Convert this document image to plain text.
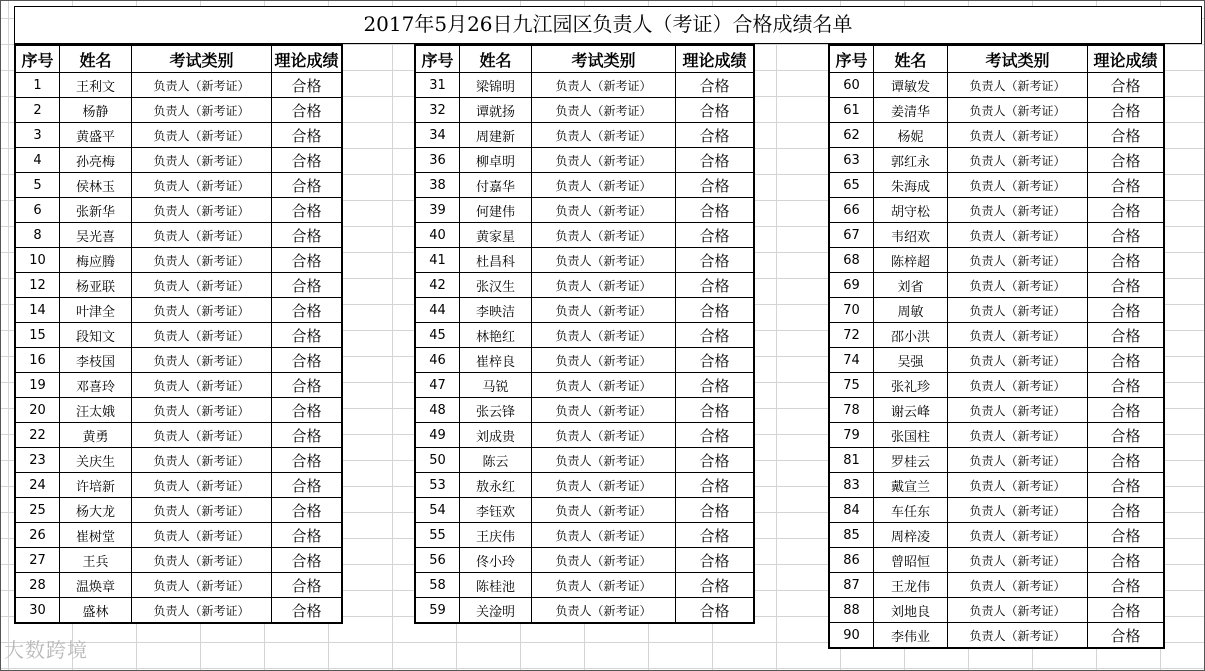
2017年5月26日九江园区负责人（考证）合格成绩名单
序号	姓名	考试类别	理论成绩
1	王利文	负责人（新考证）	合格
2	杨静	负责人（新考证）	合格
3	黄盛平	负责人（新考证）	合格
4	孙亮梅	负责人（新考证）	合格
5	侯林玉	负责人（新考证）	合格
6	张新华	负责人（新考证）	合格
8	吴光喜	负责人（新考证）	合格
10	梅应腾	负责人（新考证）	合格
12	杨亚联	负责人（新考证）	合格
14	叶津全	负责人（新考证）	合格
15	段知文	负责人（新考证）	合格
16	李枝国	负责人（新考证）	合格
19	邓喜玲	负责人（新考证）	合格
20	汪太娥	负责人（新考证）	合格
22	黄勇	负责人（新考证）	合格
23	关庆生	负责人（新考证）	合格
24	许培新	负责人（新考证）	合格
25	杨大龙	负责人（新考证）	合格
26	崔树堂	负责人（新考证）	合格
27	王兵	负责人（新考证）	合格
28	温焕章	负责人（新考证）	合格
30	盛林	负责人（新考证）	合格
序号	姓名	考试类别	理论成绩
31	梁锦明	负责人（新考证）	合格
32	谭就扬	负责人（新考证）	合格
34	周建新	负责人（新考证）	合格
36	柳卓明	负责人（新考证）	合格
38	付嘉华	负责人（新考证）	合格
39	何建伟	负责人（新考证）	合格
40	黄家星	负责人（新考证）	合格
41	杜昌科	负责人（新考证）	合格
42	张汉生	负责人（新考证）	合格
44	李映洁	负责人（新考证）	合格
45	林艳红	负责人（新考证）	合格
46	崔梓良	负责人（新考证）	合格
47	马锐	负责人（新考证）	合格
48	张云锋	负责人（新考证）	合格
49	刘成贵	负责人（新考证）	合格
50	陈云	负责人（新考证）	合格
53	敖永红	负责人（新考证）	合格
54	李钰欢	负责人（新考证）	合格
55	王庆伟	负责人（新考证）	合格
56	佟小玲	负责人（新考证）	合格
58	陈桂池	负责人（新考证）	合格
59	关淦明	负责人（新考证）	合格
序号	姓名	考试类别	理论成绩
60	谭敏发	负责人（新考证）	合格
61	姜清华	负责人（新考证）	合格
62	杨妮	负责人（新考证）	合格
63	郭红永	负责人（新考证）	合格
65	朱海成	负责人（新考证）	合格
66	胡守松	负责人（新考证）	合格
67	韦绍欢	负责人（新考证）	合格
68	陈梓超	负责人（新考证）	合格
69	刘省	负责人（新考证）	合格
70	周敏	负责人（新考证）	合格
72	邵小洪	负责人（新考证）	合格
74	吴强	负责人（新考证）	合格
75	张礼珍	负责人（新考证）	合格
78	谢云峰	负责人（新考证）	合格
79	张国柱	负责人（新考证）	合格
81	罗桂云	负责人（新考证）	合格
83	戴宣兰	负责人（新考证）	合格
84	车任东	负责人（新考证）	合格
85	周梓凌	负责人（新考证）	合格
86	曾昭恒	负责人（新考证）	合格
87	王龙伟	负责人（新考证）	合格
88	刘地良	负责人（新考证）	合格
90	李伟业	负责人（新考证）	合格
大数跨境
